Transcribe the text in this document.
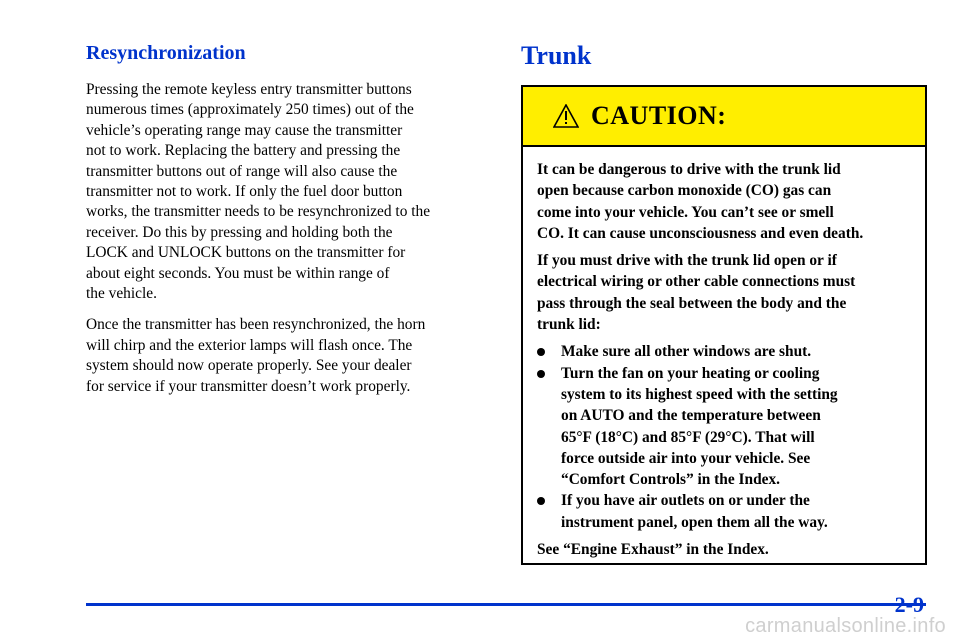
Resynchronization

Pressing the remote keyless entry transmitter buttons
numerous times (approximately 250 times) out of the
vehicle’s operating range may cause the transmitter
not to work. Replacing the battery and pressing the
transmitter buttons out of range will also cause the
transmitter not to work. If only the fuel door button
works, the transmitter needs to be resynchronized to the
receiver. Do this by pressing and holding both the
LOCK and UNLOCK buttons on the transmitter for
about eight seconds. You must be within range of
the vehicle.

Once the transmitter has been resynchronized, the horn
will chirp and the exterior lamps will flash once. The
system should now operate properly. See your dealer
for service if your transmitter doesn’t work properly.

Trunk
CAUTION:

It can be dangerous to drive with the trunk lid
open because carbon monoxide (CO) gas can
come into your vehicle. You can’t see or smell
CO. It can cause unconsciousness and even death.

If you must drive with the trunk lid open or if
electrical wiring or other cable connections must
pass through the seal between the body and the
trunk lid:

Make sure all other windows are shut.
Turn the fan on your heating or cooling
system to its highest speed with the setting
on AUTO and the temperature between
65°F (18°C) and 85°F (29°C). That will
force outside air into your vehicle. See
“Comfort Controls” in the Index.
If you have air outlets on or under the
instrument panel, open them all the way.

See “Engine Exhaust” in the Index.

2-9
carmanualsonline.info
